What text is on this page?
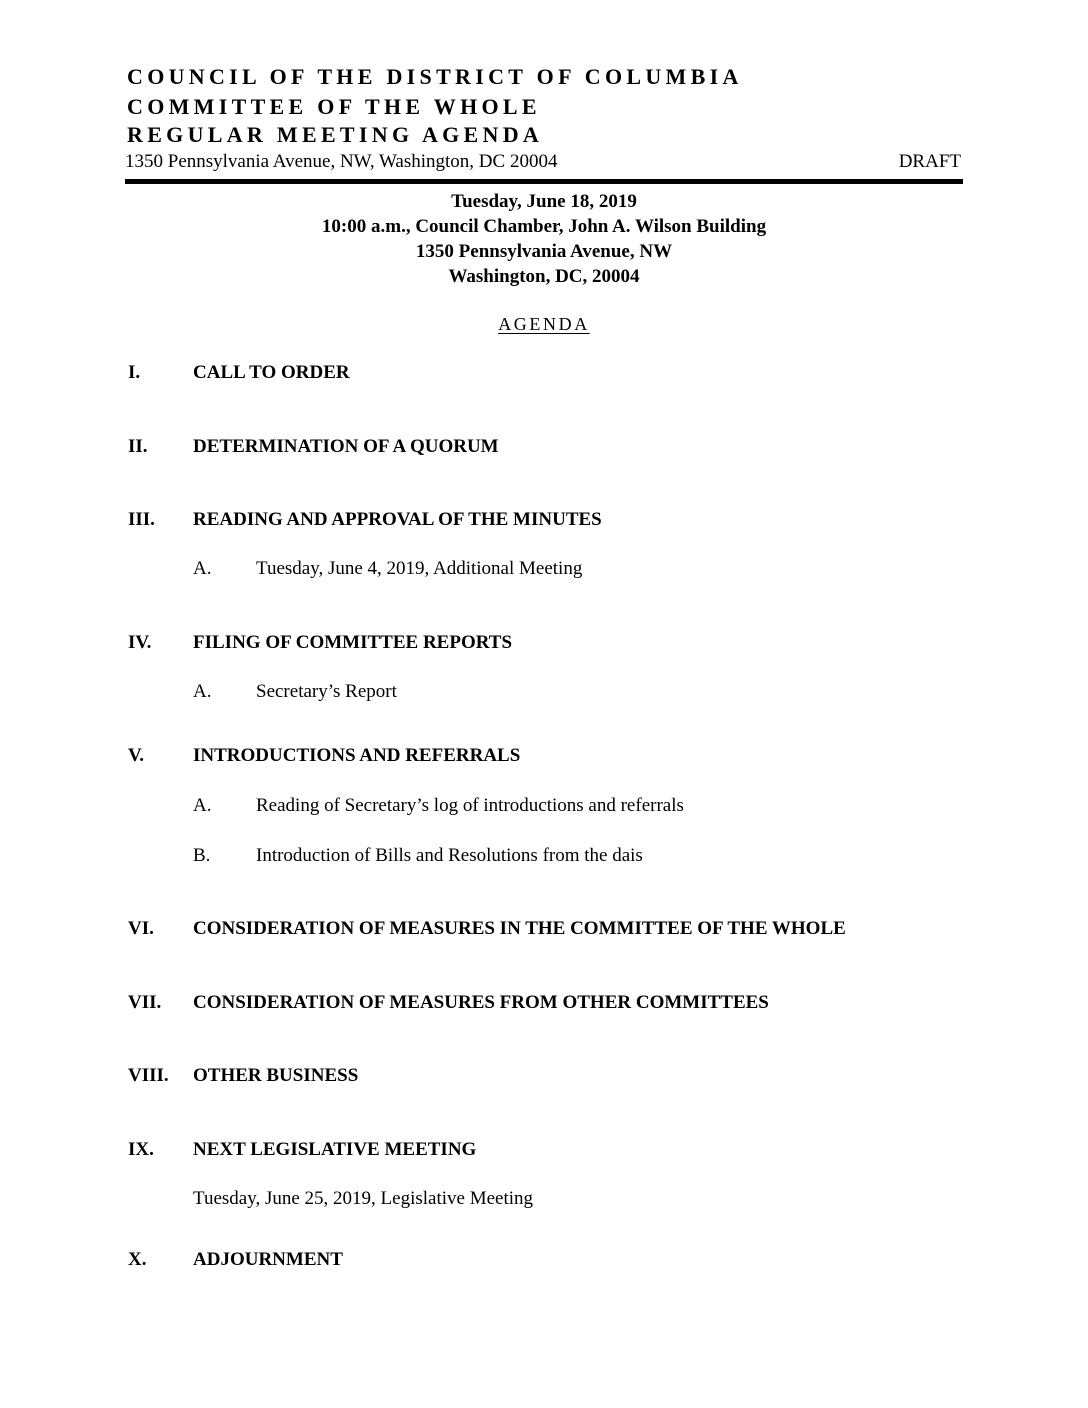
COUNCIL OF THE DISTRICT OF COLUMBIA
COMMITTEE OF THE WHOLE
REGULAR MEETING AGENDA
1350 Pennsylvania Avenue, NW, Washington, DC 20004	DRAFT
Tuesday, June 18, 2019
10:00 a.m., Council Chamber, John A. Wilson Building
1350 Pennsylvania Avenue, NW
Washington, DC, 20004
AGENDA
I.	CALL TO ORDER
II. DETERMINATION OF A QUORUM
III. READING AND APPROVAL OF THE MINUTES
A. Tuesday, June 4, 2019, Additional Meeting
IV. FILING OF COMMITTEE REPORTS
A. Secretary’s Report
V.	INTRODUCTIONS AND REFERRALS
A. Reading of Secretary’s log of introductions and referrals
B. Introduction of Bills and Resolutions from the dais
VI. CONSIDERATION OF MEASURES IN THE COMMITTEE OF THE WHOLE
VII. CONSIDERATION OF MEASURES FROM OTHER COMMITTEES
VIII. OTHER BUSINESS
IX. NEXT LEGISLATIVE MEETING
Tuesday, June 25, 2019, Legislative Meeting
X. ADJOURNMENT
